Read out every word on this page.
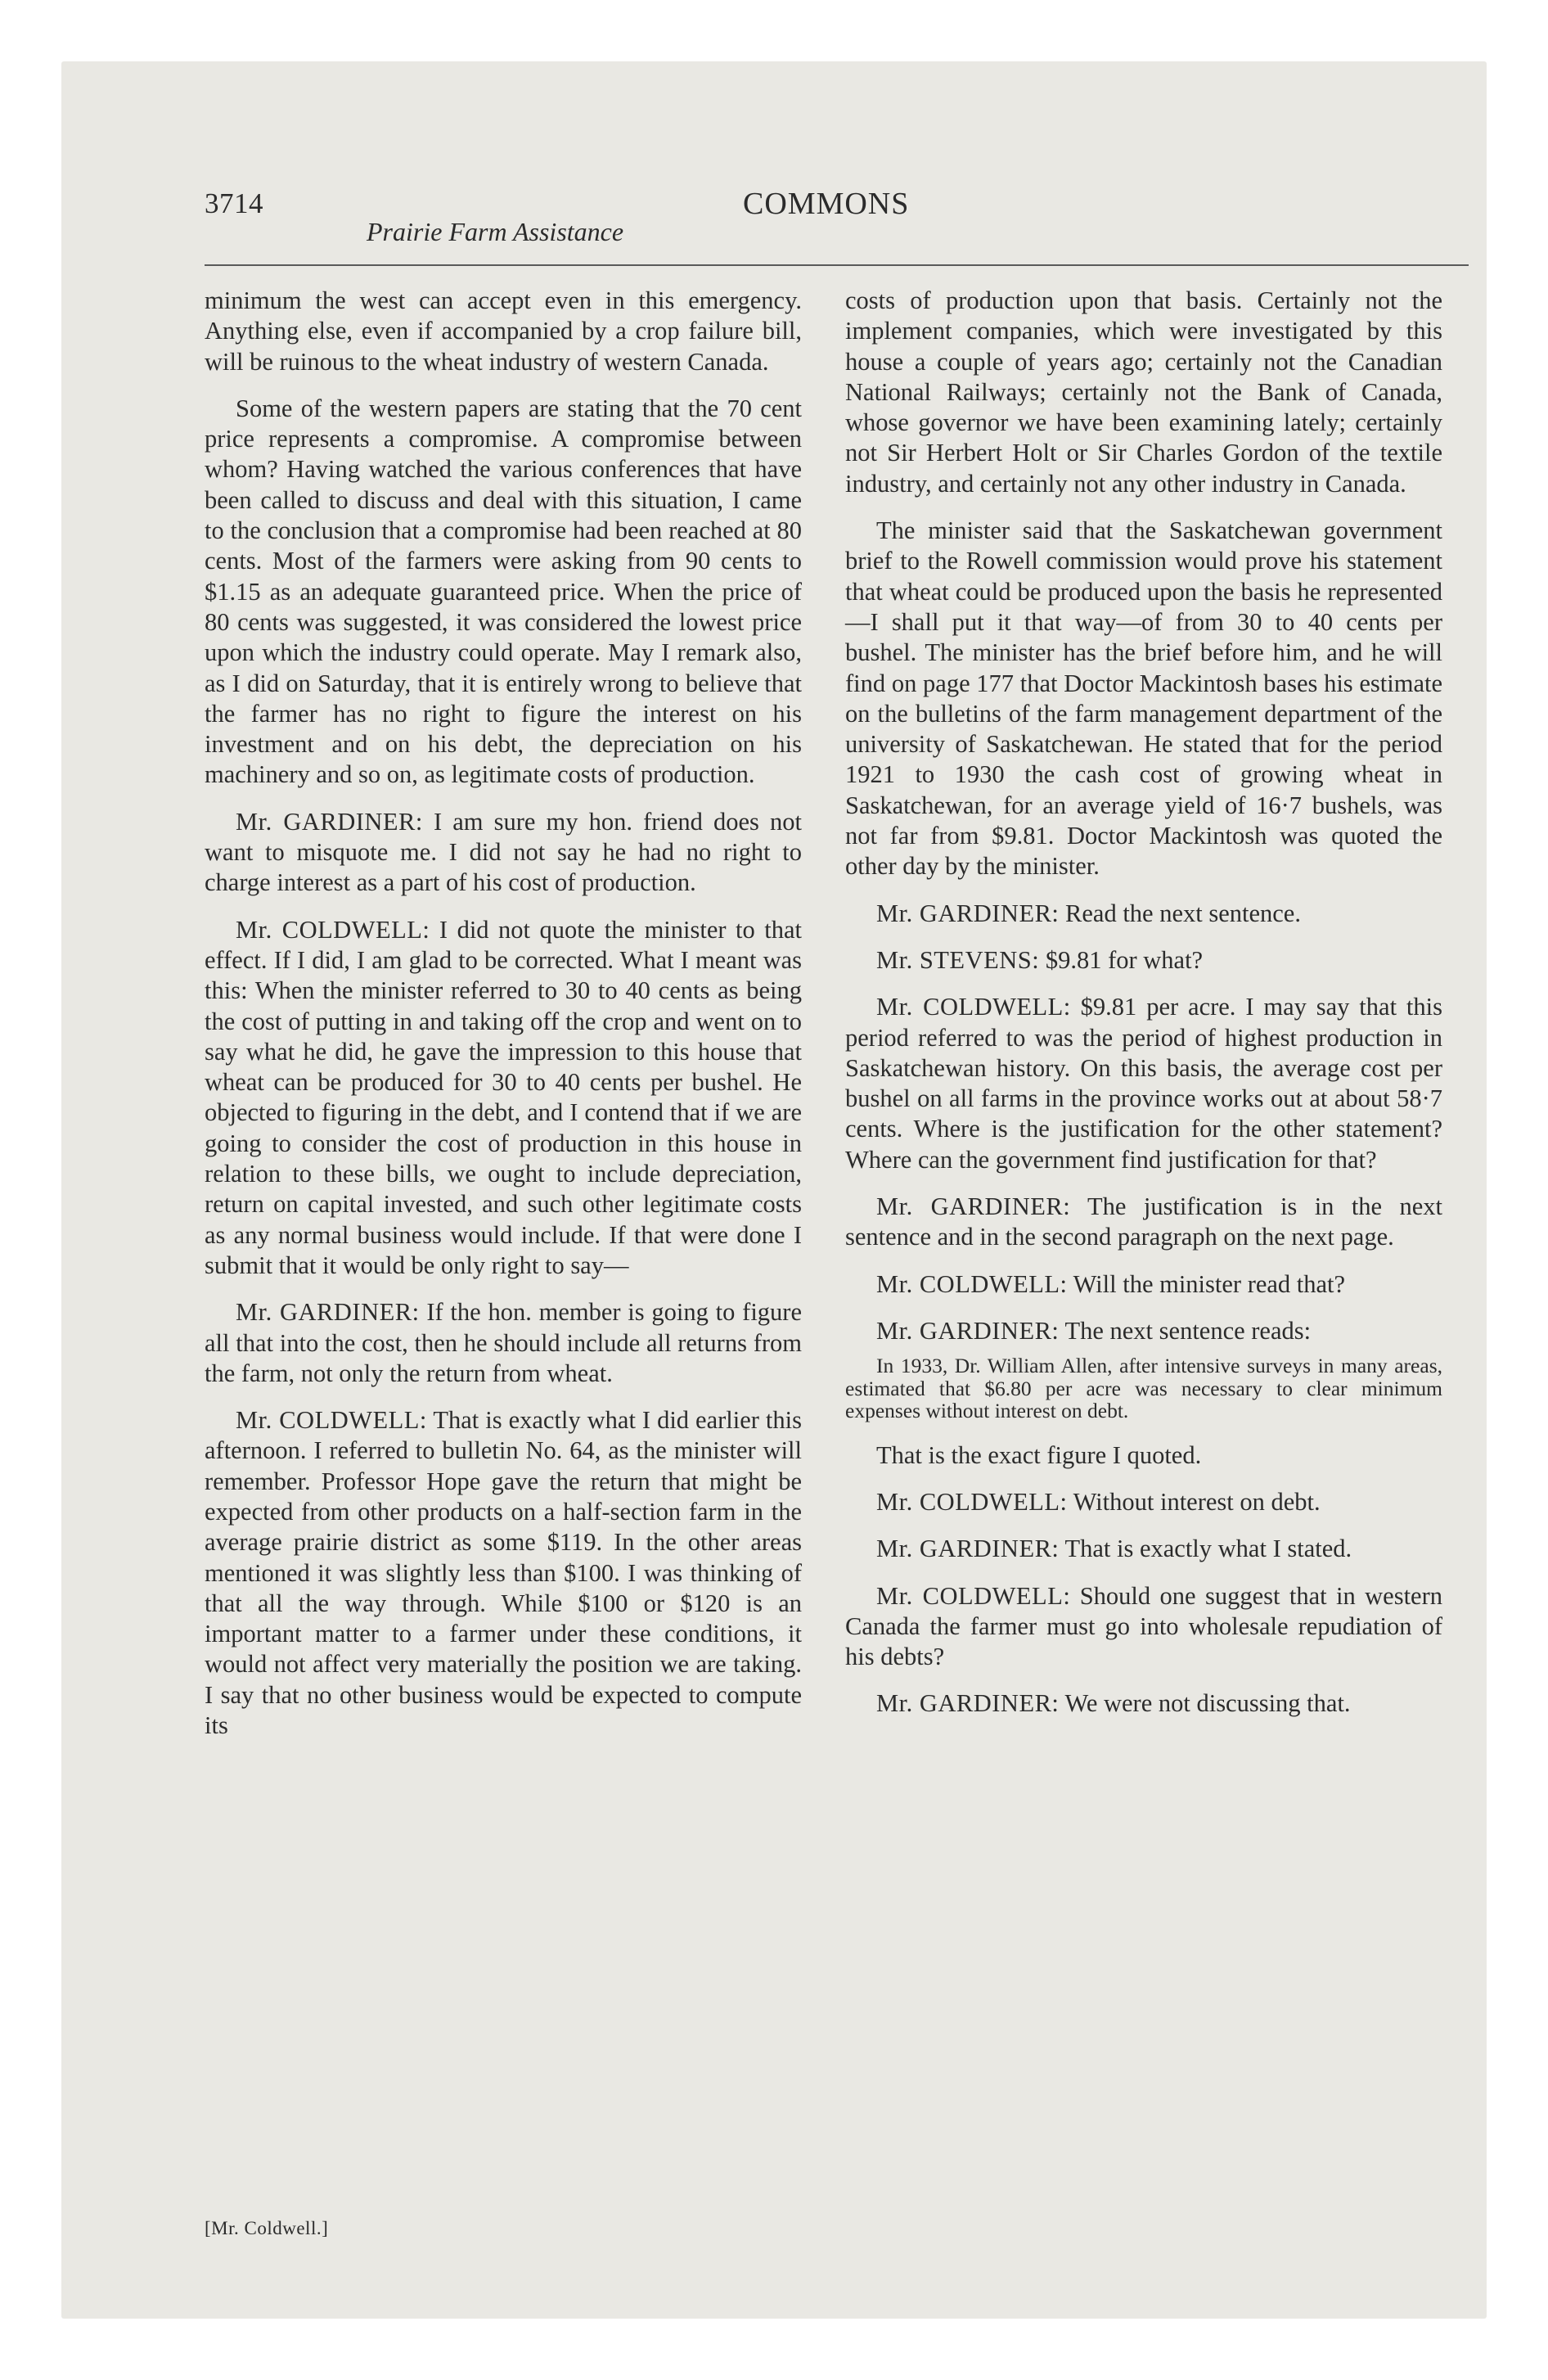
3714	COMMONS
Prairie Farm Assistance

minimum the west can accept even in this emergency. Anything else, even if accompanied by a crop failure bill, will be ruinous to the wheat industry of western Canada.

Some of the western papers are stating that the 70 cent price represents a compromise. A compromise between whom? Having watched the various conferences that have been called to discuss and deal with this situation, I came to the conclusion that a compromise had been reached at 80 cents. Most of the farmers were asking from 90 cents to $1.15 as an adequate guaranteed price. When the price of 80 cents was suggested, it was considered the lowest price upon which the industry could operate. May I remark also, as I did on Saturday, that it is entirely wrong to believe that the farmer has no right to figure the interest on his investment and on his debt, the depreciation on his machinery and so on, as legitimate costs of production.

Mr. GARDINER: I am sure my hon. friend does not want to misquote me. I did not say he had no right to charge interest as a part of his cost of production.

Mr. COLDWELL: I did not quote the minister to that effect. If I did, I am glad to be corrected. What I meant was this: When the minister referred to 30 to 40 cents as being the cost of putting in and taking off the crop and went on to say what he did, he gave the impression to this house that wheat can be produced for 30 to 40 cents per bushel. He objected to figuring in the debt, and I contend that if we are going to consider the cost of production in this house in relation to these bills, we ought to include depreciation, return on capital invested, and such other legitimate costs as any normal business would include. If that were done I submit that it would be only right to say—

Mr. GARDINER: If the hon. member is going to figure all that into the cost, then he should include all returns from the farm, not only the return from wheat.

Mr. COLDWELL: That is exactly what I did earlier this afternoon. I referred to bulletin No. 64, as the minister will remember. Professor Hope gave the return that might be expected from other products on a half-section farm in the average prairie district as some $119. In the other areas mentioned it was slightly less than $100. I was thinking of that all the way through. While $100 or $120 is an important matter to a farmer under these conditions, it would not affect very materially the position we are taking. I say that no other business would be expected to compute its

costs of production upon that basis. Certainly not the implement companies, which were investigated by this house a couple of years ago; certainly not the Canadian National Railways; certainly not the Bank of Canada, whose governor we have been examining lately; certainly not Sir Herbert Holt or Sir Charles Gordon of the textile industry, and certainly not any other industry in Canada.

The minister said that the Saskatchewan government brief to the Rowell commission would prove his statement that wheat could be produced upon the basis he represented—I shall put it that way—of from 30 to 40 cents per bushel. The minister has the brief before him, and he will find on page 177 that Doctor Mackintosh bases his estimate on the bulletins of the farm management department of the university of Saskatchewan. He stated that for the period 1921 to 1930 the cash cost of growing wheat in Saskatchewan, for an average yield of 16·7 bushels, was not far from $9.81. Doctor Mackintosh was quoted the other day by the minister.

Mr. GARDINER: Read the next sentence.

Mr. STEVENS: $9.81 for what?

Mr. COLDWELL: $9.81 per acre. I may say that this period referred to was the period of highest production in Saskatchewan history. On this basis, the average cost per bushel on all farms in the province works out at about 58·7 cents. Where is the justification for the other statement? Where can the government find justification for that?

Mr. GARDINER: The justification is in the next sentence and in the second paragraph on the next page.

Mr. COLDWELL: Will the minister read that?

Mr. GARDINER: The next sentence reads:

In 1933, Dr. William Allen, after intensive surveys in many areas, estimated that $6.80 per acre was necessary to clear minimum expenses without interest on debt.

That is the exact figure I quoted.

Mr. COLDWELL: Without interest on debt.

Mr. GARDINER: That is exactly what I stated.

Mr. COLDWELL: Should one suggest that in western Canada the farmer must go into wholesale repudiation of his debts?

Mr. GARDINER: We were not discussing that.

[Mr. Coldwell.]
